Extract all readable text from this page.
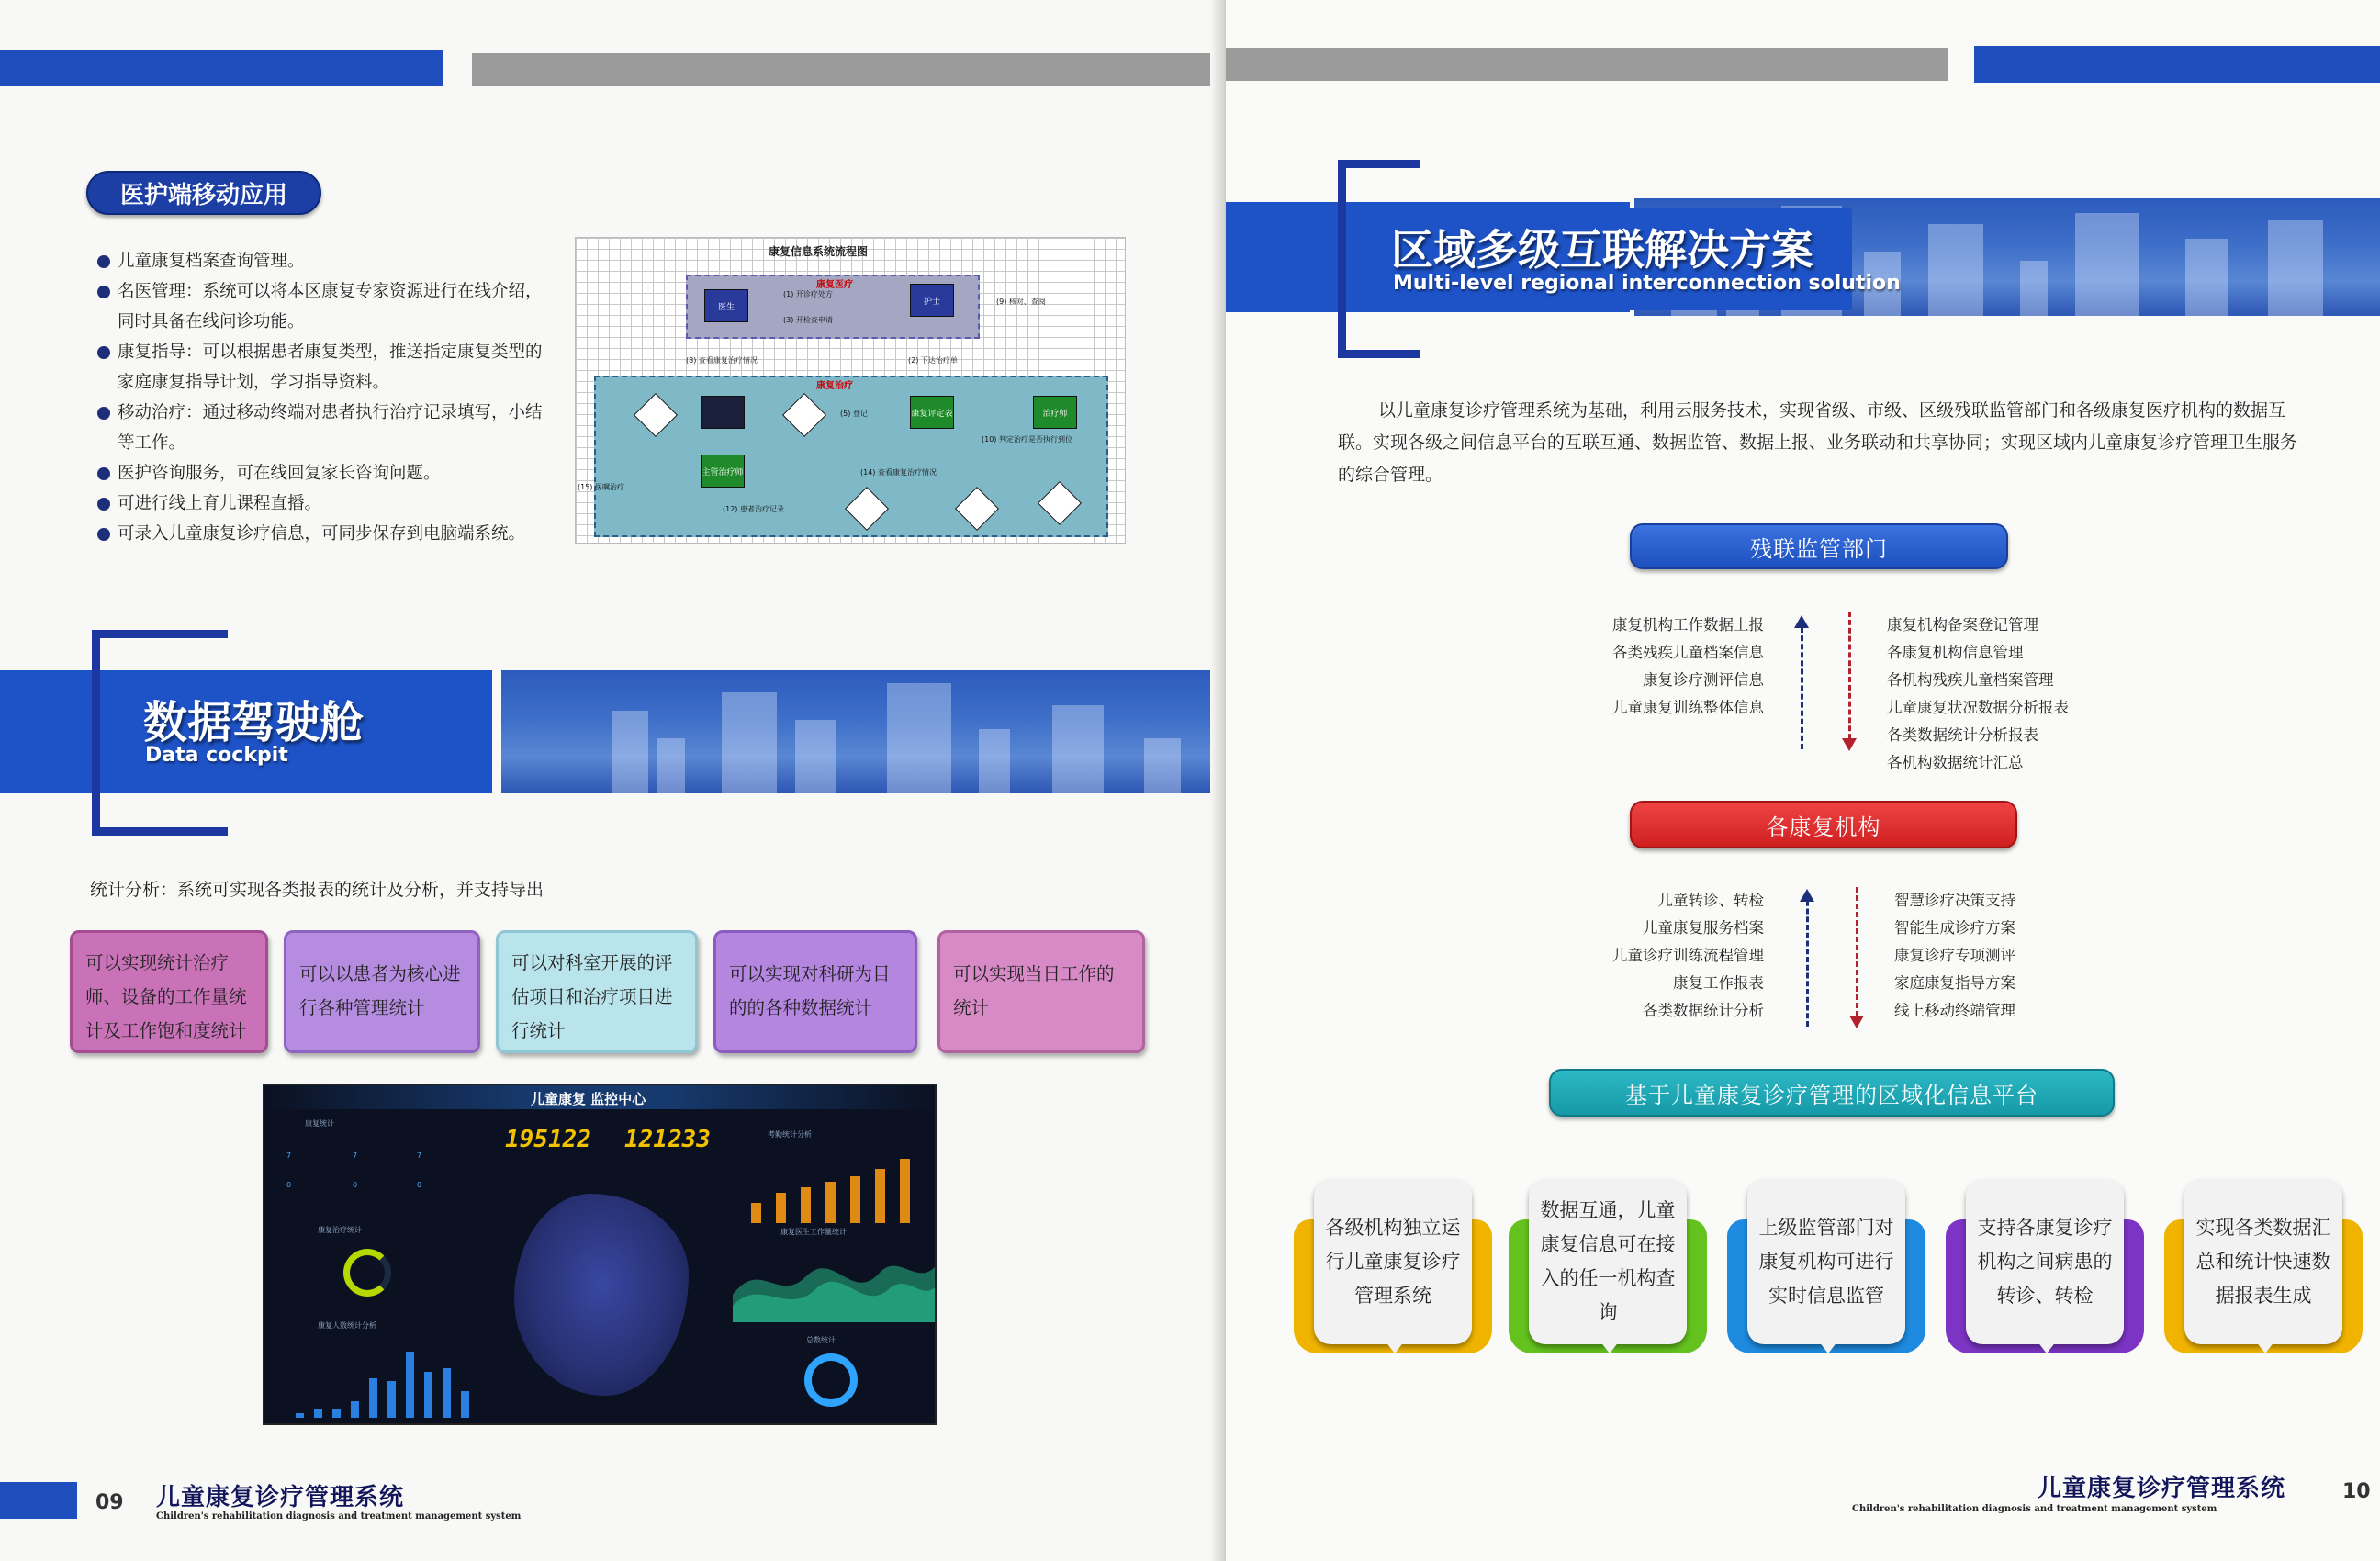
医护端移动应用
儿童康复档案查询管理。
名医管理：系统可以将本区康复专家资源进行在线介绍，同时具备在线问诊功能。
康复指导：可以根据患者康复类型，推送指定康复类型的家庭康复指导计划，学习指导资料。
移动治疗：通过移动终端对患者执行治疗记录填写，小结等工作。
医护咨询服务，可在线回复家长咨询问题。
可进行线上育儿课程直播。
可录入儿童康复诊疗信息，可同步保存到电脑端系统。
康复信息系统流程图
康复医疗
康复治疗
医生
护士
主管治疗师
康复评定表	治疗师
(1) 开诊疗处方
(3) 开检查申请
(9) 核对、查阅
(8) 查看康复治疗情况	(2) 下达治疗单
(5) 登记
(10) 判定治疗是否执行到位
(14) 查看康复治疗情况
(12) 患者治疗记录
(15) 医嘱治疗
数据驾驶舱
Data cockpit
统计分析：系统可实现各类报表的统计及分析，并支持导出
可以实现统计治疗师、设备的工作量统计及工作饱和度统计
可以以患者为核心进行各种管理统计
可以对科室开展的评估项目和治疗项目进行统计
可以实现对科研为目的的各种数据统计
可以实现当日工作的统计
儿童康复 监控中心
195122 121233
康复统计
7	7	7
0	0	0
考勤统计分析
康复治疗统计
康复人数统计分析
康复医生工作量统计
总数统计
09 儿童康复诊疗管理系统
Children's rehabilitation diagnosis and treatment management system
区域多级互联解决方案
Multi-level regional interconnection solution
以儿童康复诊疗管理系统为基础，利用云服务技术，实现省级、市级、区级残联监管部门和各级康复医疗机构的数据互联。实现各级之间信息平台的互联互通、数据监管、数据上报、业务联动和共享协同；实现区域内儿童康复诊疗管理卫生服务的综合管理。
残联监管部门
康复机构工作数据上报
各类残疾儿童档案信息
康复诊疗测评信息
儿童康复训练整体信息
康复机构备案登记管理
各康复机构信息管理
各机构残疾儿童档案管理
儿童康复状况数据分析报表
各类数据统计分析报表
各机构数据统计汇总
各康复机构
儿童转诊、转检
儿童康复服务档案
儿童诊疗训练流程管理
康复工作报表
各类数据统计分析
智慧诊疗决策支持
智能生成诊疗方案
康复诊疗专项测评
家庭康复指导方案
线上移动终端管理
基于儿童康复诊疗管理的区域化信息平台
各级机构独立运行儿童康复诊疗管理系统
数据互通，儿童康复信息可在接入的任一机构查询
上级监管部门对康复机构可进行实时信息监管
支持各康复诊疗机构之间病患的转诊、转检
实现各类数据汇总和统计快速数据报表生成
儿童康复诊疗管理系统
Children's rehabilitation diagnosis and treatment management system
10
